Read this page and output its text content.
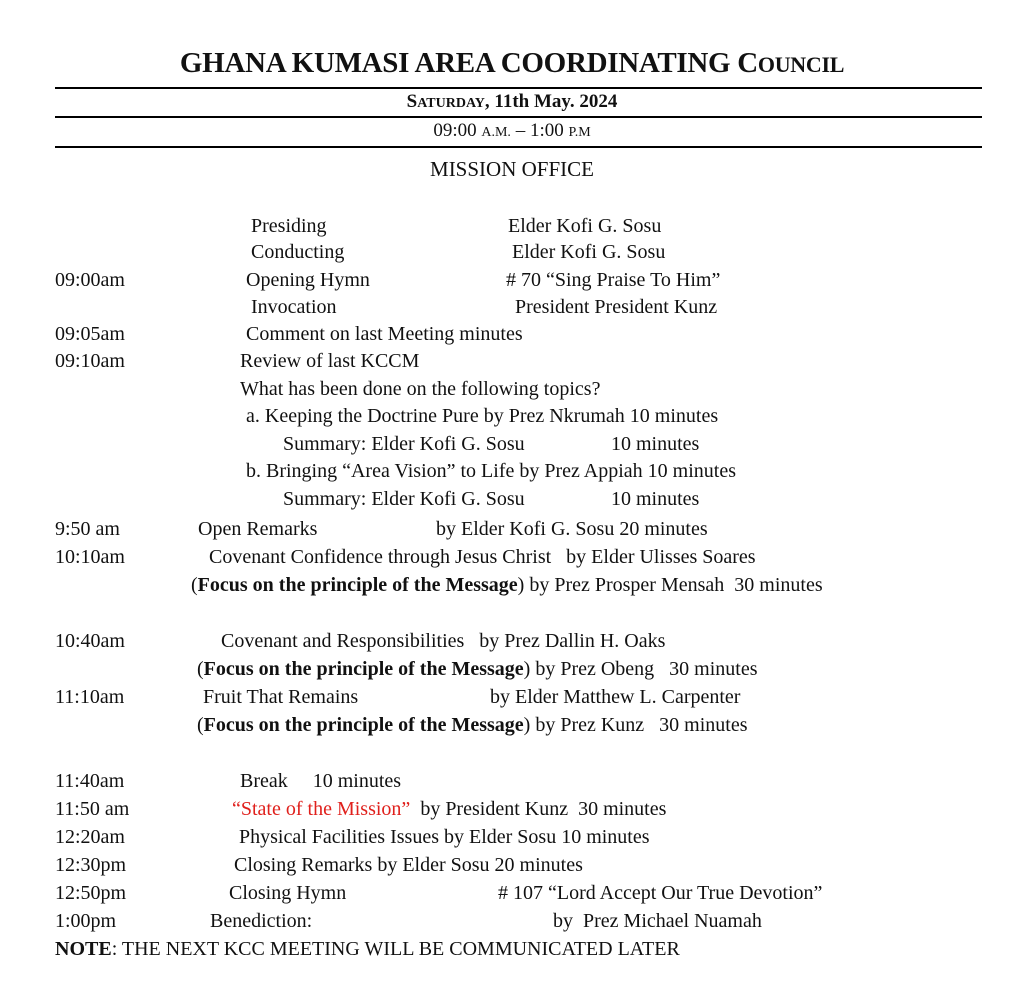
GHANA KUMASI AREA COORDINATING COUNCIL
SATURDAY, 11th May. 2024
09:00 A.M. – 1:00 P.M
MISSION OFFICE
Presiding	Elder Kofi G. Sosu
Conducting	Elder Kofi G. Sosu
09:00am	Opening Hymn	# 70 “Sing Praise To Him”
Invocation	President President Kunz
09:05am	Comment on last Meeting minutes
09:10am	Review of last KCCM
What has been done on the following topics?
a. Keeping the Doctrine Pure by Prez Nkrumah 10 minutes
Summary: Elder Kofi G. Sosu	10 minutes
b. Bringing “Area Vision” to Life by Prez Appiah 10 minutes
Summary: Elder Kofi G. Sosu	10 minutes
9:50 am	Open Remarks	by Elder Kofi G. Sosu 20 minutes
10:10am	Covenant Confidence through Jesus Christ   by Elder Ulisses Soares
(Focus on the principle of the Message) by Prez Prosper Mensah  30 minutes
10:40am	Covenant and Responsibilities   by Prez Dallin H. Oaks
(Focus on the principle of the Message) by Prez Obeng   30 minutes
11:10am	Fruit That Remains	by Elder Matthew L. Carpenter
(Focus on the principle of the Message) by Prez Kunz   30 minutes
11:40am	Break     10 minutes
11:50 am	“State of the Mission”  by President Kunz  30 minutes
12:20am	Physical Facilities Issues by Elder Sosu 10 minutes
12:30pm	Closing Remarks by Elder Sosu 20 minutes
12:50pm	Closing Hymn	# 107 “Lord Accept Our True Devotion”
1:00pm	Benediction:	by  Prez Michael Nuamah
NOTE: THE NEXT KCC MEETING WILL BE COMMUNICATED LATER
